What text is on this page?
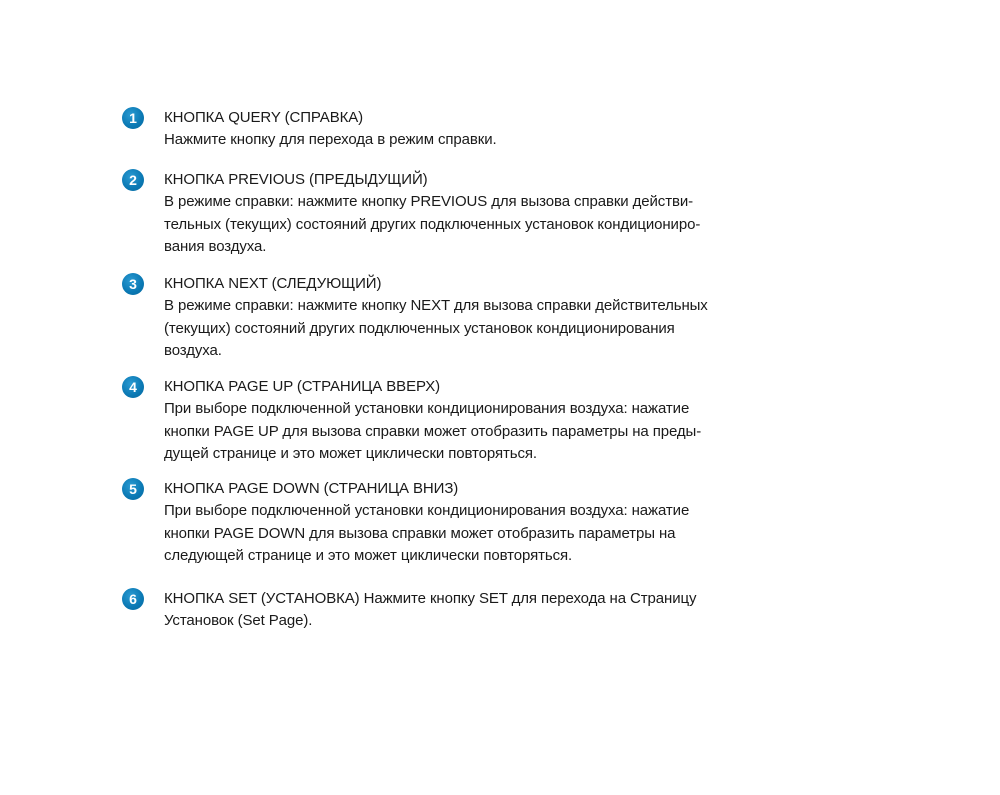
1	КНОПКА QUERY (СПРАВКА)
Нажмите кнопку для перехода в режим справки.
2	КНОПКА PREVIOUS (ПРЕДЫДУЩИЙ)
В режиме справки: нажмите кнопку PREVIOUS для вызова справки действи-
тельных (текущих) состояний других подключенных установок кондициониро-
вания воздуха.
3	КНОПКА NEXT (СЛЕДУЮЩИЙ)
В режиме справки: нажмите кнопку NEXT для вызова справки действительных
(текущих) состояний других подключенных установок кондиционирования
воздуха.
4	КНОПКА PAGE UP (СТРАНИЦА ВВЕРХ)
При выборе подключенной установки кондиционирования воздуха: нажатие
кнопки PAGE UP для вызова справки может отобразить параметры на преды-
дущей странице и это может циклически повторяться.
5	КНОПКА PAGE DOWN (СТРАНИЦА ВНИЗ)
При выборе подключенной установки кондиционирования воздуха: нажатие
кнопки PAGE DOWN для вызова справки может отобразить параметры на
следующей странице и это может циклически повторяться.
6	КНОПКА SET (УСТАНОВКА) Нажмите кнопку SET для перехода на Страницу
Установок (Set Page).
